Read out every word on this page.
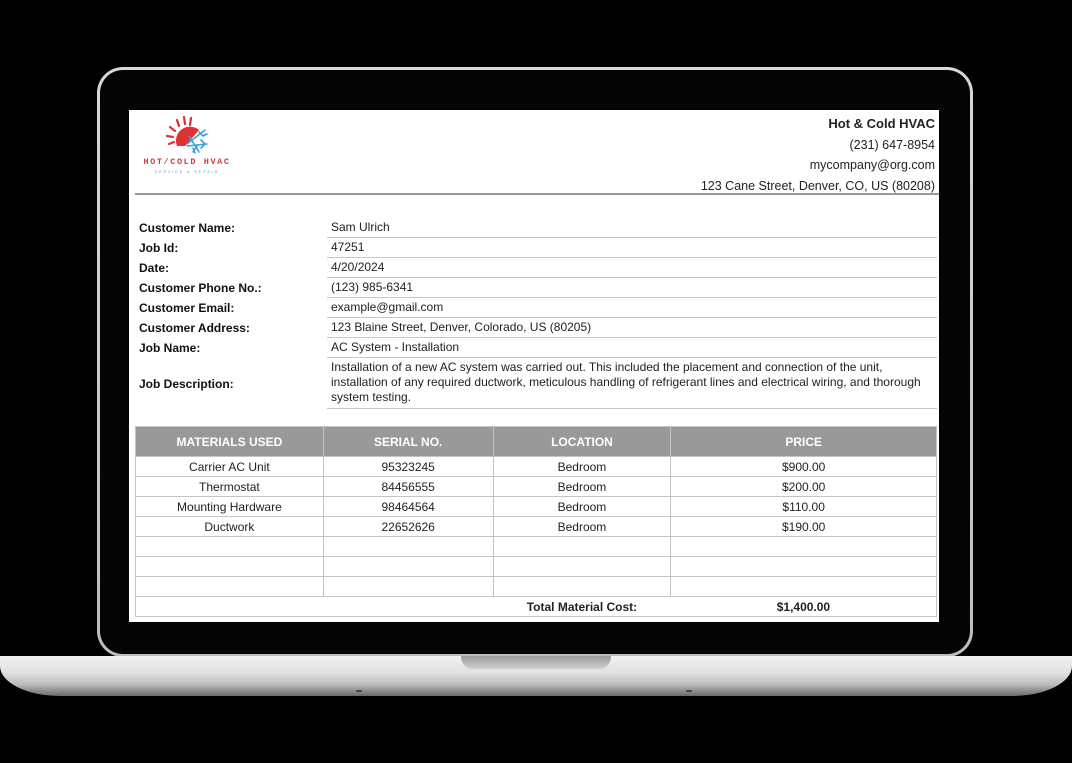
HOT/COLD HVAC
SERVICE & REPAIR
Hot & Cold HVAC
(231) 647-8954
mycompany@org.com
123 Cane Street, Denver, CO, US (80208)
Customer Name:	Sam Ulrich
Job Id:	47251
Date:	4/20/2024
Customer Phone No.:	(123) 985-6341
Customer Email:	example@gmail.com
Customer Address:	123 Blaine Street, Denver, Colorado, US (80205)
Job Name:	AC System - Installation
Job Description:
Installation of a new AC system was carried out. This included the placement and connection of the unit, installation of any required ductwork, meticulous handling of refrigerant lines and electrical wiring, and thorough system testing.
MATERIALS USED	SERIAL NO.	LOCATION	PRICE
Carrier AC Unit	95323245	Bedroom	$900.00
Thermostat	84456555	Bedroom	$200.00
Mounting Hardware	98464564	Bedroom	$110.00
Ductwork	22652626	Bedroom	$190.00

		Total Material Cost:	$1,400.00
